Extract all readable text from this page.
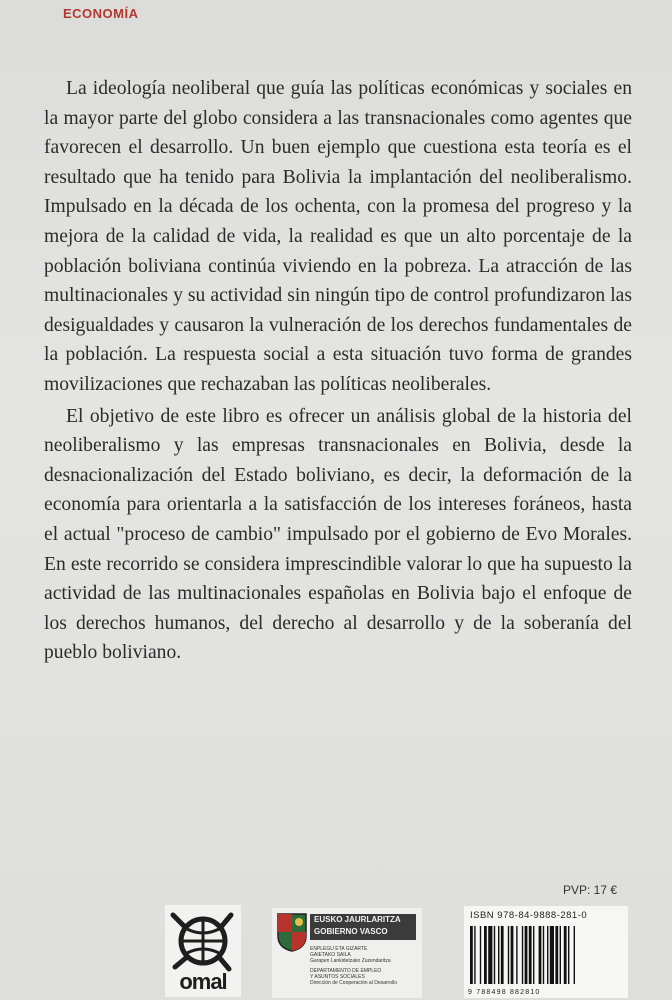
ECONOMÍA

La ideología neoliberal que guía las políticas económicas y sociales en la mayor parte del globo considera a las transnacionales como agentes que favorecen el desarrollo. Un buen ejemplo que cuestiona esta teoría es el resultado que ha tenido para Bolivia la implantación del neoliberalismo. Impulsado en la década de los ochenta, con la promesa del progreso y la mejora de la calidad de vida, la realidad es que un alto porcentaje de la población boliviana continúa viviendo en la pobreza. La atracción de las multinacionales y su actividad sin ningún tipo de control profundizaron las desigualdades y causaron la vulneración de los derechos fundamentales de la población. La respuesta social a esta situación tuvo forma de grandes movilizaciones que rechazaban las políticas neoliberales.

El objetivo de este libro es ofrecer un análisis global de la historia del neoliberalismo y las empresas transnacionales en Bolivia, desde la desnacionalización del Estado boliviano, es decir, la deformación de la economía para orientarla a la satisfacción de los intereses foráneos, hasta el actual "proceso de cambio" impulsado por el gobierno de Evo Morales. En este recorrido se considera imprescindible valorar lo que ha supuesto la actividad de las multinacionales españolas en Bolivia bajo el enfoque de los derechos humanos, del derecho al desarrollo y de la soberanía del pueblo boliviano.

PVP: 17 €
omal
EUSKO JAURLARITZA
GOBIERNO VASCO
ENPLEGU ETA GIZARTE
GAIETAKO SAILA
Garapen Lankidetzako Zuzendaritza
DEPARTAMENTO DE EMPLEO
Y ASUNTOS SOCIALES
Dirección de Cooperación al Desarrollo
ISBN 978-84-9888-281-0
9 788498 882810
